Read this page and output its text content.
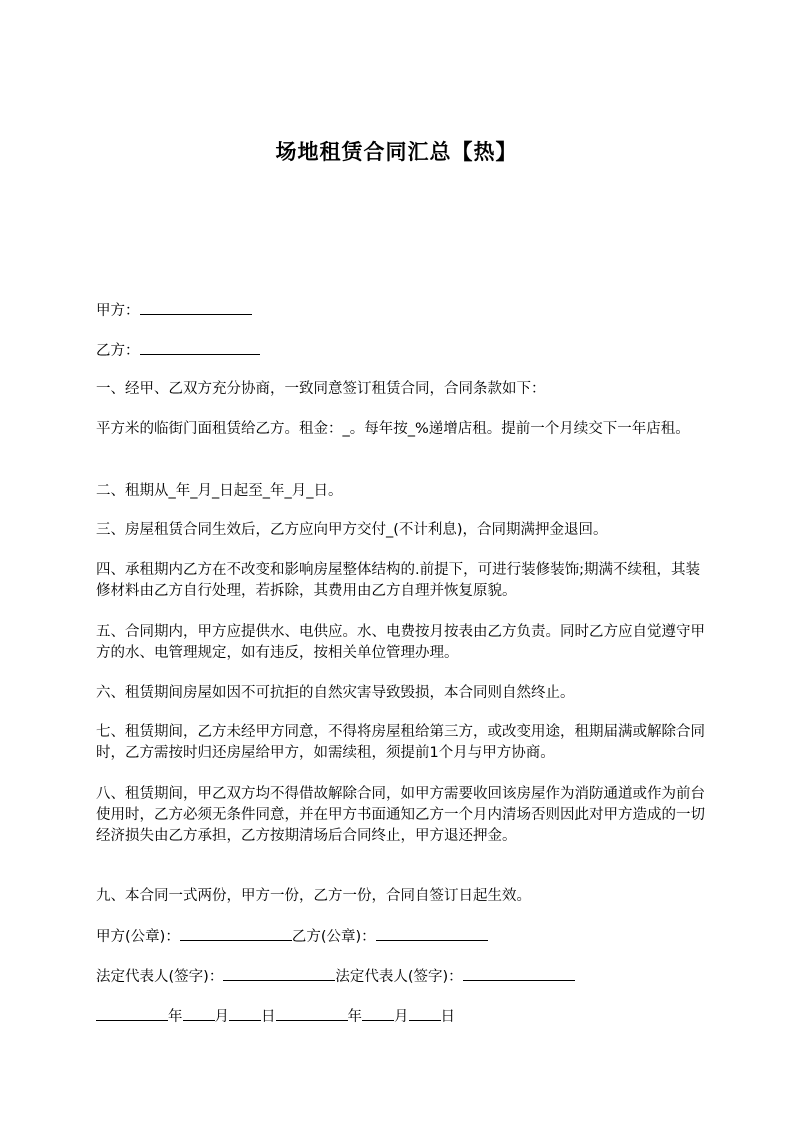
场地租赁合同汇总【热】
甲方：
乙方：
一、经甲、乙双方充分协商，一致同意签订租赁合同，合同条款如下：
平方米的临街门面租赁给乙方。租金：_。每年按_%递增店租。提前一个月续交下一年店租。
二、租期从_年_月_日起至_年_月_日。
三、房屋租赁合同生效后，乙方应向甲方交付_(不计利息)，合同期满押金退回。
四、承租期内乙方在不改变和影响房屋整体结构的.前提下，可进行装修装饰;期满不续租，其装修材料由乙方自行处理，若拆除，其费用由乙方自理并恢复原貌。
五、合同期内，甲方应提供水、电供应。水、电费按月按表由乙方负责。同时乙方应自觉遵守甲方的水、电管理规定，如有违反，按相关单位管理办理。
六、租赁期间房屋如因不可抗拒的自然灾害导致毁损，本合同则自然终止。
七、租赁期间，乙方未经甲方同意，不得将房屋租给第三方，或改变用途，租期届满或解除合同时，乙方需按时归还房屋给甲方，如需续租，须提前1个月与甲方协商。
八、租赁期间，甲乙双方均不得借故解除合同，如甲方需要收回该房屋作为消防通道或作为前台使用时，乙方必须无条件同意，并在甲方书面通知乙方一个月内清场否则因此对甲方造成的一切经济损失由乙方承担，乙方按期清场后合同终止，甲方退还押金。
九、本合同一式两份，甲方一份，乙方一份，合同自签订日起生效。
甲方(公章)：	乙方(公章)：
法定代表人(签字)：	法定代表人(签字)：
年 月 日	年 月 日
